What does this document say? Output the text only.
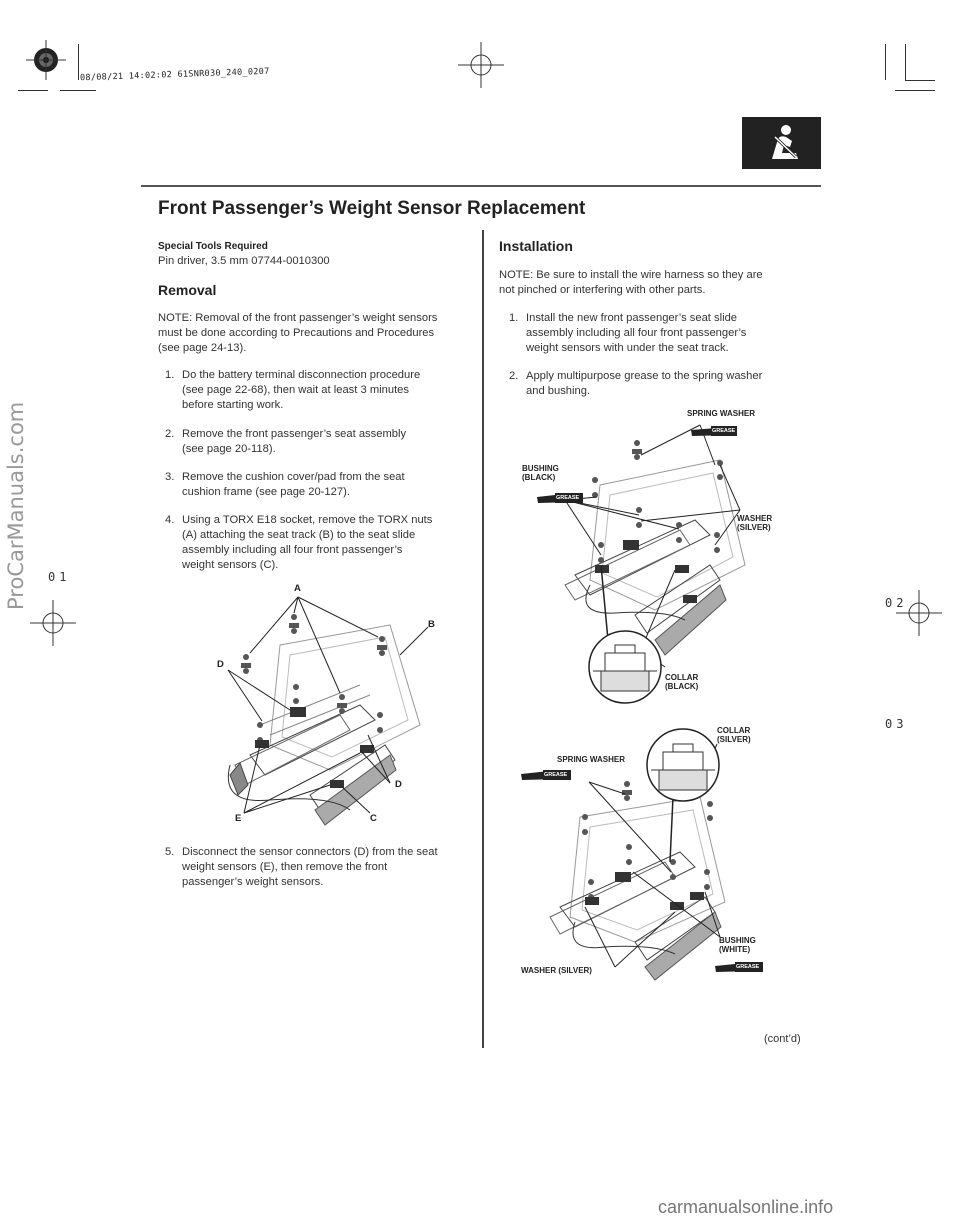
08/08/21 14:02:02 61SNR030_240_0207
ProCarManuals.com	02
03
01
Front Passenger’s Weight Sensor Replacement
Special Tools Required
Pin driver, 3.5 mm 07744-0010300
Removal
NOTE: Removal of the front passenger’s weight sensors
must be done according to Precautions and Procedures
(see page 24-13).
1. Do the battery terminal disconnection procedure
(see page 22-68), then wait at least 3 minutes
before starting work.
2. Remove the front passenger’s seat assembly
(see page 20-118).
3. Remove the cushion cover/pad from the seat
cushion frame (see page 20-127).
4. Using a TORX E18 socket, remove the TORX nuts
(A) attaching the seat track (B) to the seat slide
assembly including all four front passenger’s
weight sensors (C).
A
B
D
D
E	C
5. Disconnect the sensor connectors (D) from the seat
weight sensors (E), then remove the front
passenger’s weight sensors.
Installation
NOTE: Be sure to install the wire harness so they are
not pinched or interfering with other parts.
1. Install the new front passenger’s seat slide
assembly including all four front passenger’s
weight sensors with under the seat track.
2. Apply multipurpose grease to the spring washer
and bushing.
SPRING WASHER
BUSHING
(BLACK)
WASHER
(SILVER)
COLLAR
(BLACK)
GREASE
GREASE
COLLAR
(SILVER)
SPRING WASHER
BUSHING
(WHITE)
WASHER (SILVER)
GREASE
GREASE
(cont’d)
carmanualsonline.info
